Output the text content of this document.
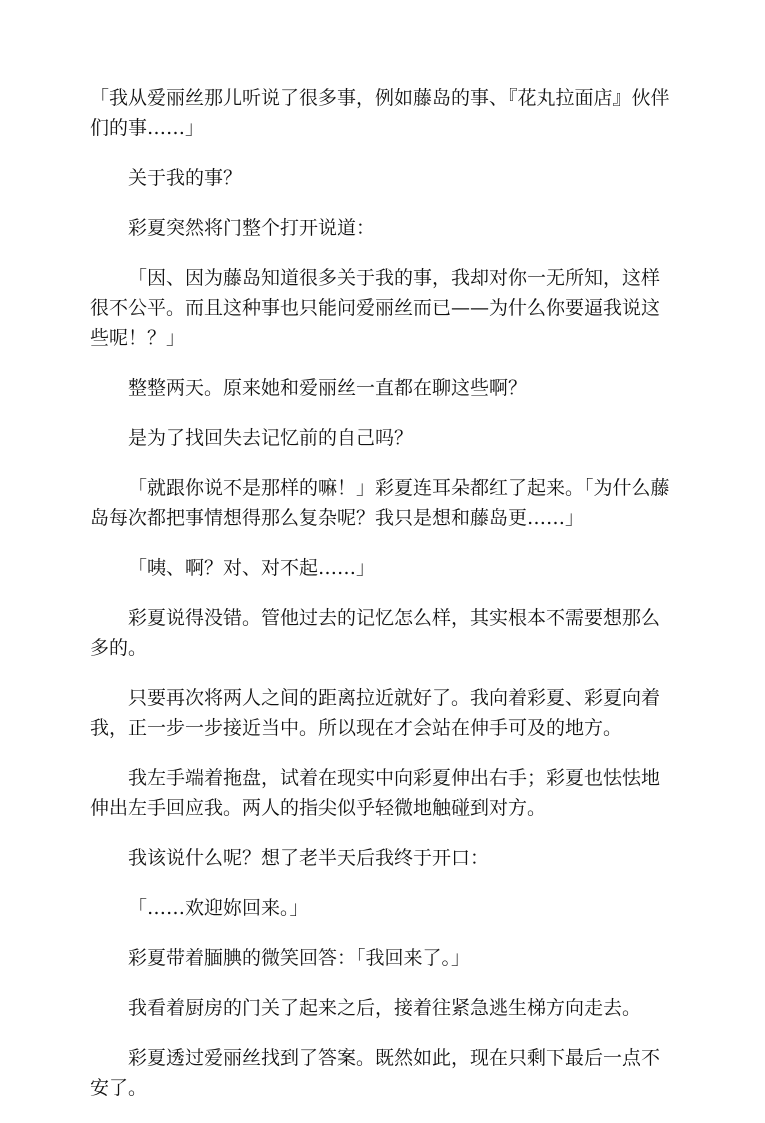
「我从爱丽丝那儿听说了很多事，例如藤岛的事、『花丸拉面店』伙伴们的事……」

关于我的事？

彩夏突然将门整个打开说道：

「因、因为藤岛知道很多关于我的事，我却对你一无所知，这样很不公平。而且这种事也只能问爱丽丝而已——为什么你要逼我说这些呢！？」

整整两天。原来她和爱丽丝一直都在聊这些啊？

是为了找回失去记忆前的自己吗？

「就跟你说不是那样的嘛！」彩夏连耳朵都红了起来。「为什么藤岛每次都把事情想得那么复杂呢？我只是想和藤岛更……」

「咦、啊？对、对不起……」

彩夏说得没错。管他过去的记忆怎么样，其实根本不需要想那么多的。

只要再次将两人之间的距离拉近就好了。我向着彩夏、彩夏向着我，正一步一步接近当中。所以现在才会站在伸手可及的地方。

我左手端着拖盘，试着在现实中向彩夏伸出右手；彩夏也怯怯地伸出左手回应我。两人的指尖似乎轻微地触碰到对方。

我该说什么呢？想了老半天后我终于开口：

「……欢迎妳回来。」

彩夏带着腼腆的微笑回答：「我回来了。」

我看着厨房的门关了起来之后，接着往紧急逃生梯方向走去。

彩夏透过爱丽丝找到了答案。既然如此，现在只剩下最后一点不安了。
